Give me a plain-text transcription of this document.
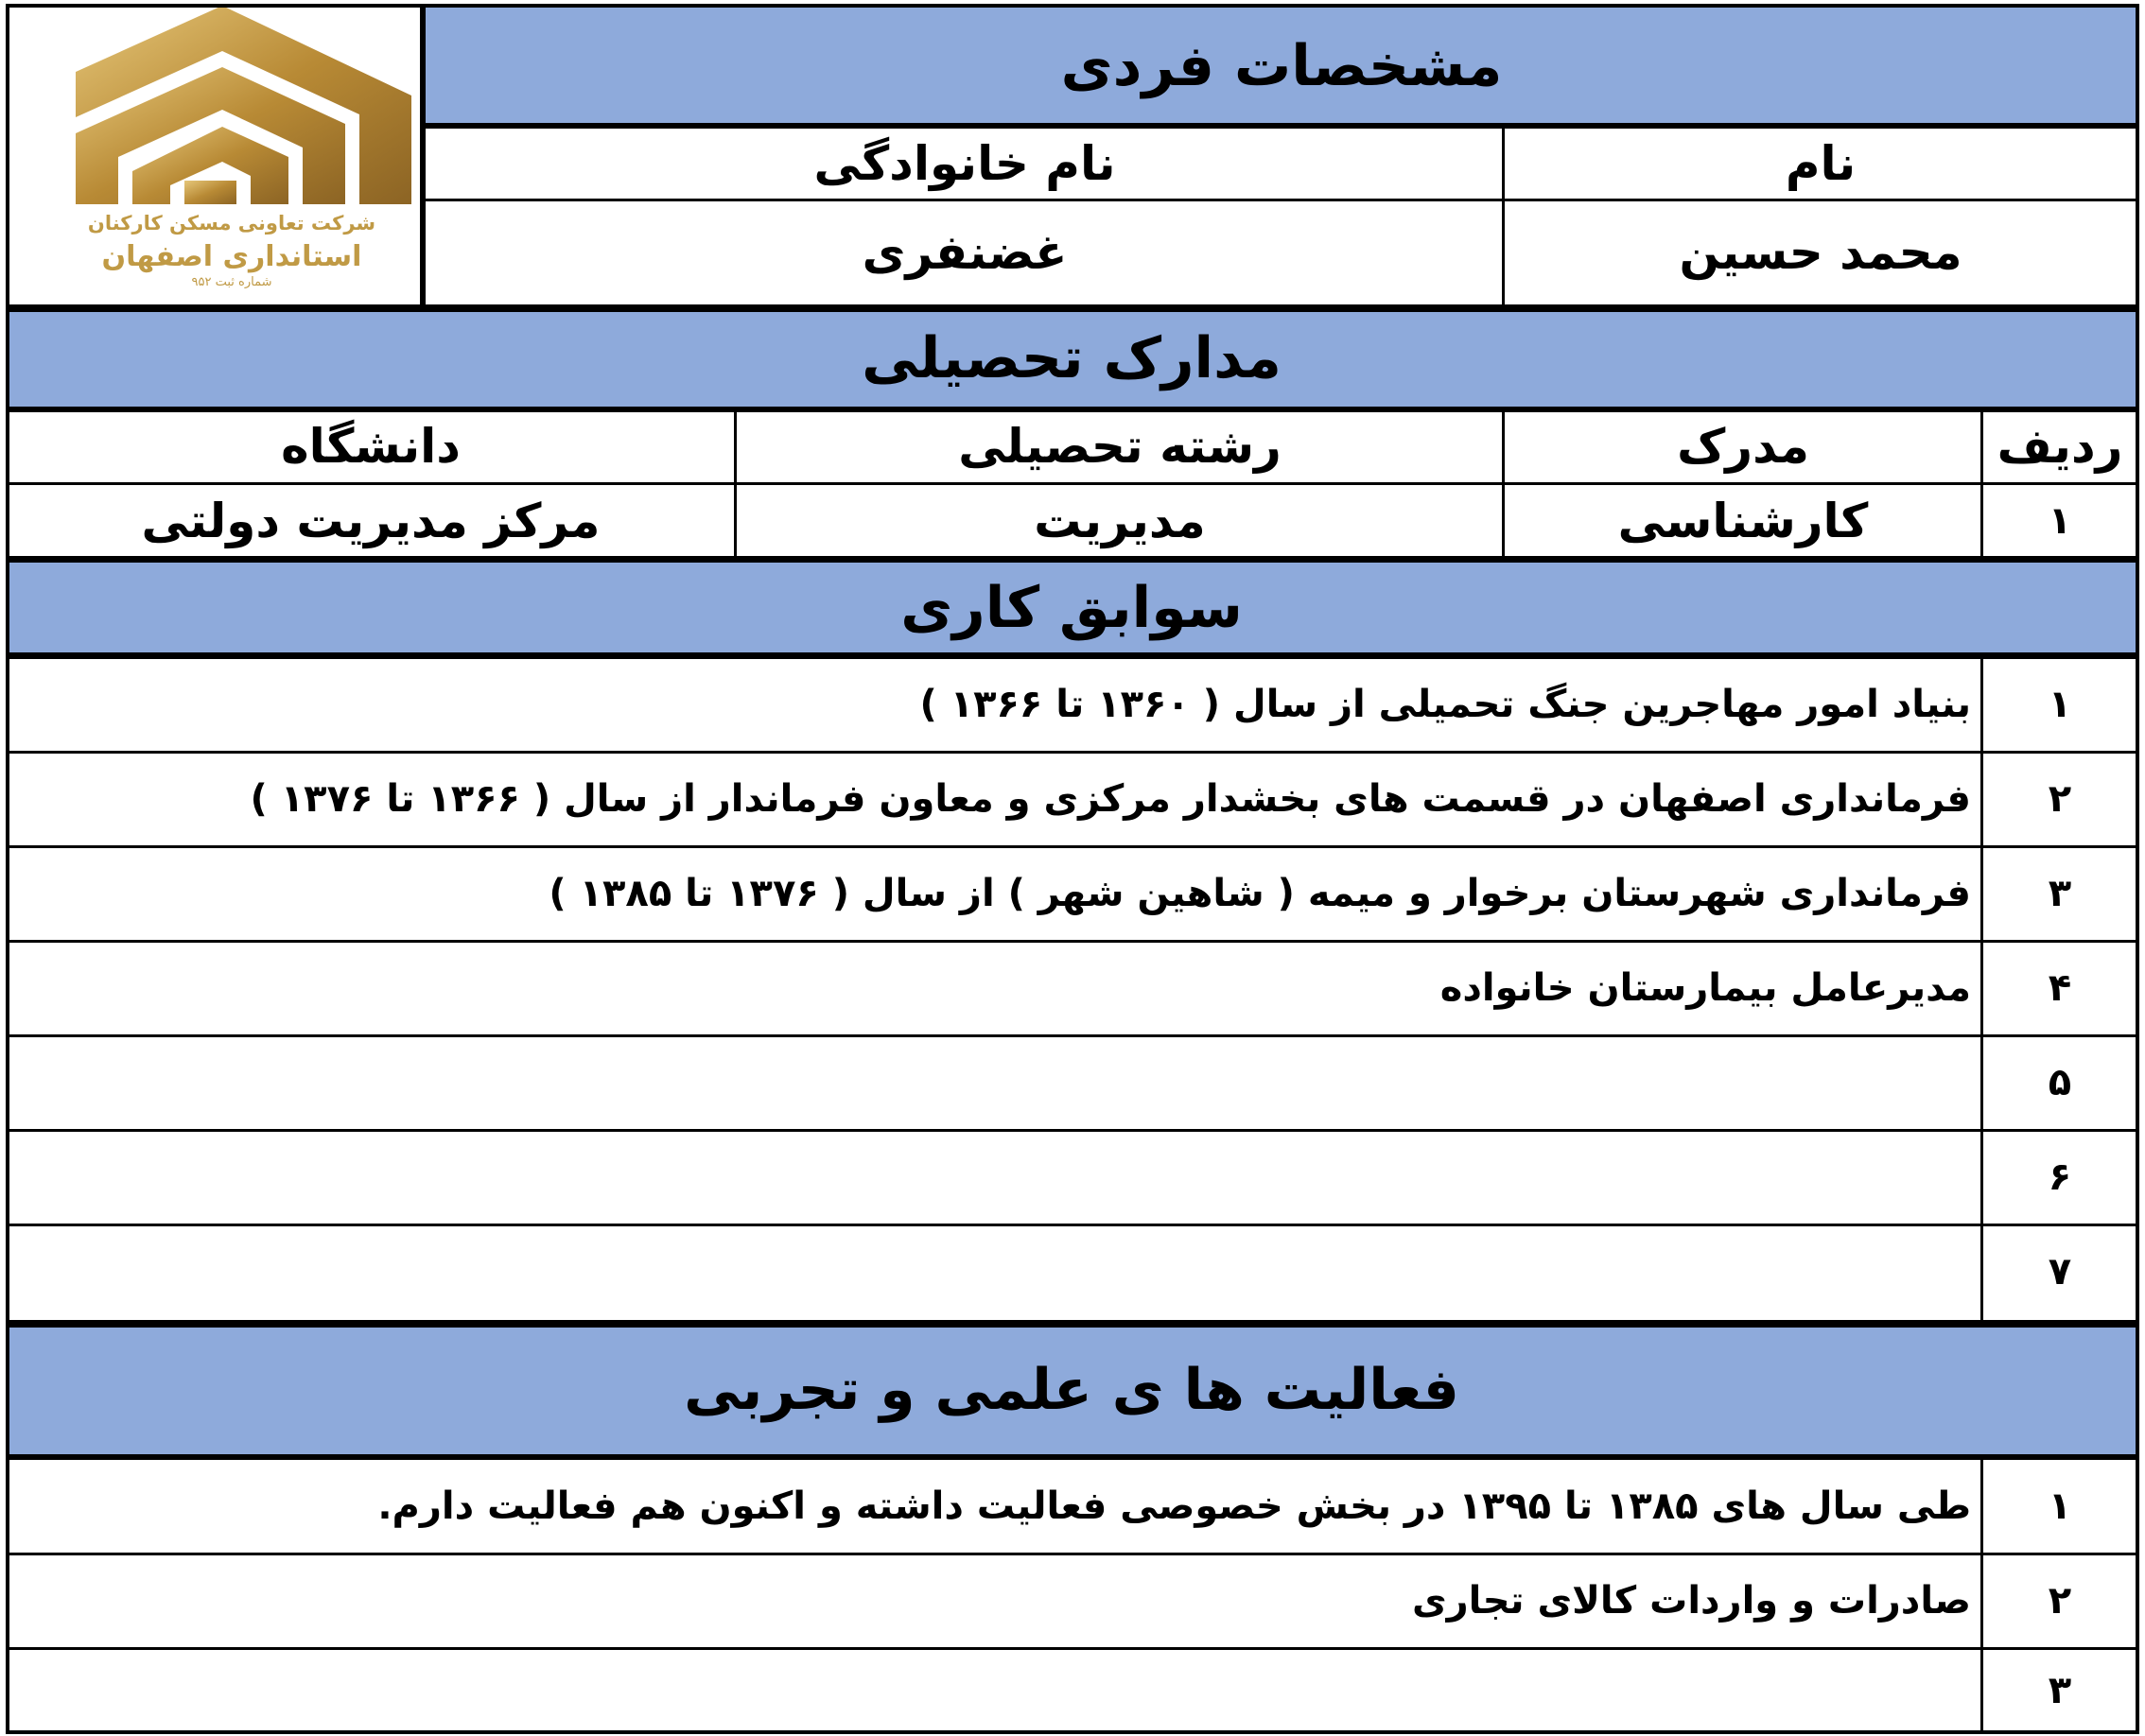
شرکت تعاونی مسکن کارکنان
استانداری اصفهان
شماره ثبت ۹۵۲
مشخصات فردی
نام
نام خانوادگی
محمد حسین
غضنفری
مدارک تحصیلی
ردیف
مدرک
رشته تحصیلی
دانشگاه
۱
کارشناسی
مدیریت
مرکز مدیریت دولتی
سوابق کاری
۱
بنیاد امور مهاجرین جنگ تحمیلی از سال ( ۱۳۶۰ تا ۱۳۶۶ )
۲
فرمانداری اصفهان در قسمت های بخشدار مرکزی و معاون فرماندار از سال ( ۱۳۶۶ تا ۱۳۷۶ )
۳
فرمانداری شهرستان برخوار و میمه ( شاهین شهر ) از سال ( ۱۳۷۶ تا ۱۳۸۵ )
۴
مدیرعامل بیمارستان خانواده
۵
۶
۷
فعالیت ها ی علمی و تجربی
۱
طی سال های ۱۳۸۵ تا ۱۳۹۵ در بخش خصوصی فعالیت داشته و اکنون هم فعالیت دارم.
۲
صادرات و واردات کالای تجاری
۳
